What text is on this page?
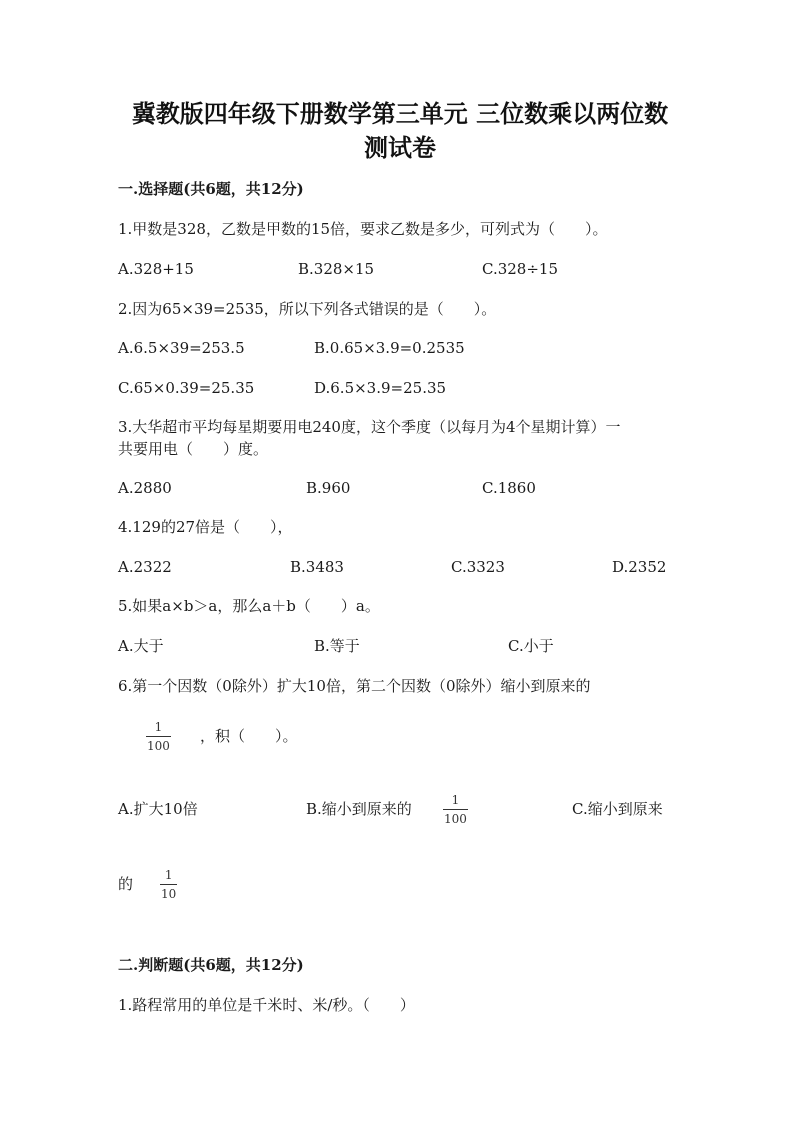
冀教版四年级下册数学第三单元 三位数乘以两位数
测试卷
一.选择题(共6题，共12分)
1.甲数是328，乙数是甲数的15倍，要求乙数是多少，可列式为（　　）。
A.328+15	B.328×15	C.328÷15
2.因为65×39=2535，所以下列各式错误的是（　　）。
A.6.5×39=253.5	B.0.65×3.9=0.2535
C.65×0.39=25.35	D.6.5×3.9=25.35
3.大华超市平均每星期要用电240度，这个季度（以每月为4个星期计算）一
共要用电（　　）度。
A.2880	B.960	C.1860
4.129的27倍是（　　），
A.2322	B.3483	C.3323	D.2352
5.如果a×b＞a，那么a＋b（　　）a。
A.大于	B.等于	C.小于
6.第一个因数（0除外）扩大10倍，第二个因数（0除外）缩小到原来的
1
100
，积（　　）。
A.扩大10倍	B.缩小到原来的	1
100
C.缩小到原来
的	1
10
二.判断题(共6题，共12分)
1.路程常用的单位是千米时、米/秒。（　　）
